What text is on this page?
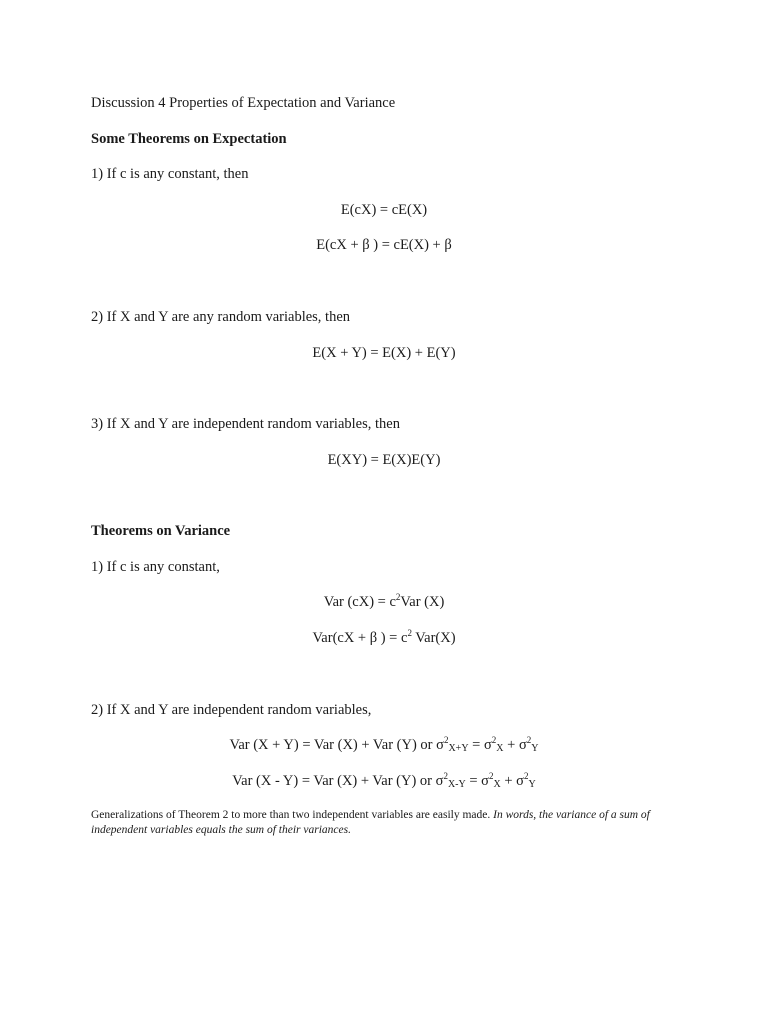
Discussion 4 Properties of Expectation and Variance
Some Theorems on Expectation
1) If c is any constant, then
E(cX) = cE(X)
E(cX + β ) = cE(X) + β
2) If X and Y are any random variables, then
E(X + Y) = E(X) + E(Y)
3) If X and Y are independent random variables, then
E(XY) = E(X)E(Y)
Theorems on Variance
1) If c is any constant,
Var $(cX) = c^2Var$ (X)
Var(cX + β ) = $c^2$ Var(X)
2) If X and Y are independent random variables,
Var (X + Y) = Var (X) + Var (Y) or $\sigma^2_{X+Y} = \sigma^2_X + \sigma^2_Y$
Var (X - Y) = Var (X) + Var (Y) or $\sigma^2_{X-Y} = \sigma^2_X + \sigma^2_Y$
Generalizations of Theorem 2 to more than two independent variables are easily made. In words, the variance of a sum of independent variables equals the sum of their variances.
